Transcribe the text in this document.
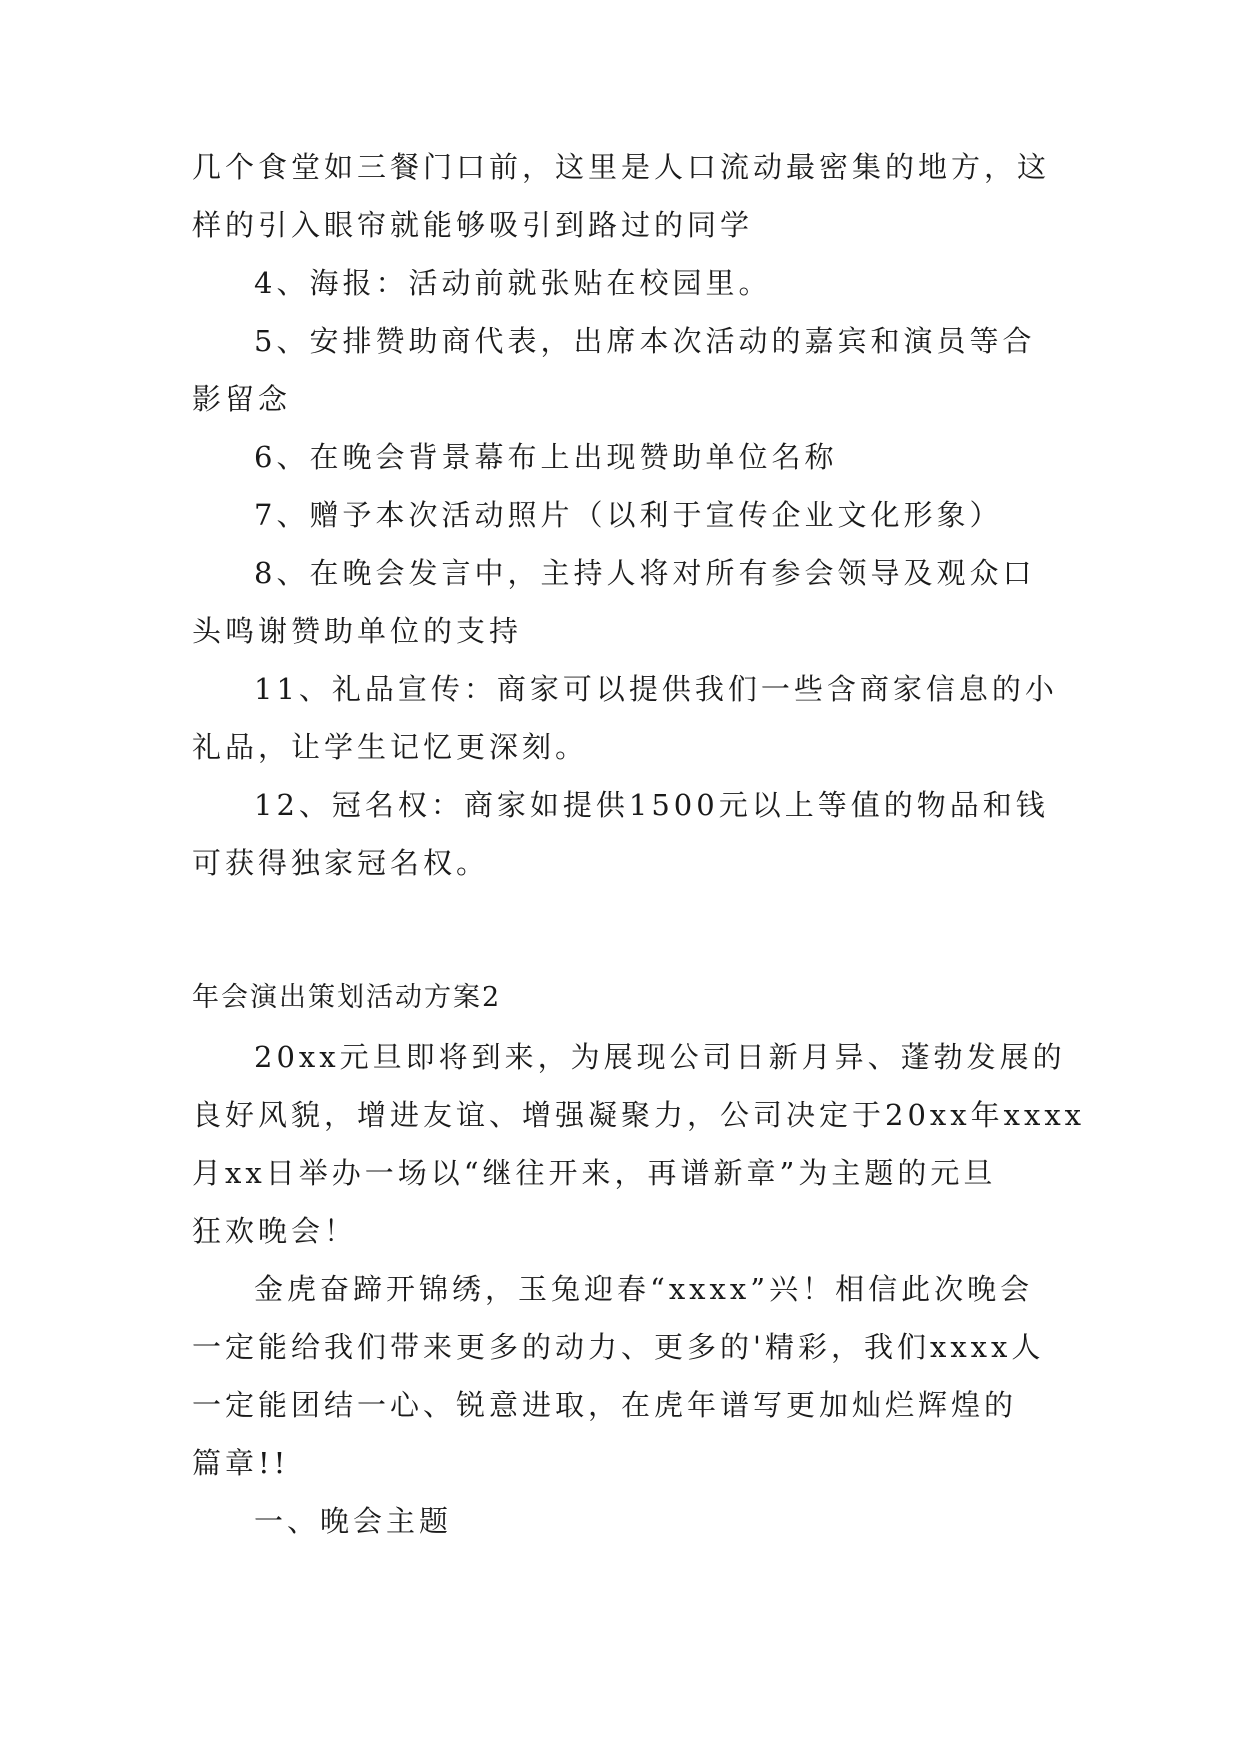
几个食堂如三餐门口前，这里是人口流动最密集的地方，这
样的引入眼帘就能够吸引到路过的同学
4、海报：活动前就张贴在校园里。
5、安排赞助商代表，出席本次活动的嘉宾和演员等合
影留念
6、在晚会背景幕布上出现赞助单位名称
7、赠予本次活动照片（以利于宣传企业文化形象）
8、在晚会发言中，主持人将对所有参会领导及观众口
头鸣谢赞助单位的支持
11、礼品宣传：商家可以提供我们一些含商家信息的小
礼品，让学生记忆更深刻。
12、冠名权：商家如提供1500元以上等值的物品和钱
可获得独家冠名权。
年会演出策划活动方案2
20xx元旦即将到来，为展现公司日新月异、蓬勃发展的
良好风貌，增进友谊、增强凝聚力，公司决定于20xx年xxxx
月xx日举办一场以“继往开来，再谱新章”为主题的元旦
狂欢晚会！
金虎奋蹄开锦绣，玉兔迎春“xxxx”兴！相信此次晚会
一定能给我们带来更多的动力、更多的'精彩，我们xxxx人
一定能团结一心、锐意进取，在虎年谱写更加灿烂辉煌的
篇章!!
一、晚会主题
